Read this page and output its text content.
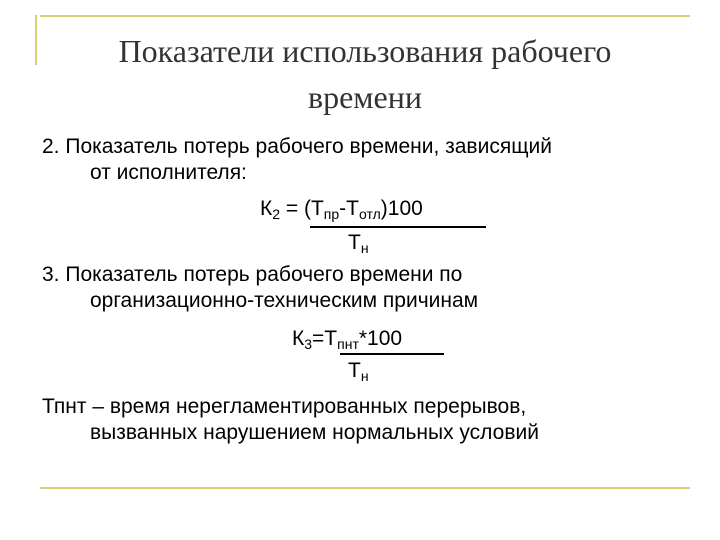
Показатели использования рабочего
времени
2. Показатель потерь рабочего времени, зависящий
от исполнителя:
$К_2 = (Т_{пр}-Т_{отл})100$
$Т_н$
3. Показатель потерь рабочего времени по
организационно-техническим причинам
$К_3=Т_{пнт}*100$
$Т_н$
Тпнт – время нерегламентированных перерывов,
вызванных нарушением нормальных условий
